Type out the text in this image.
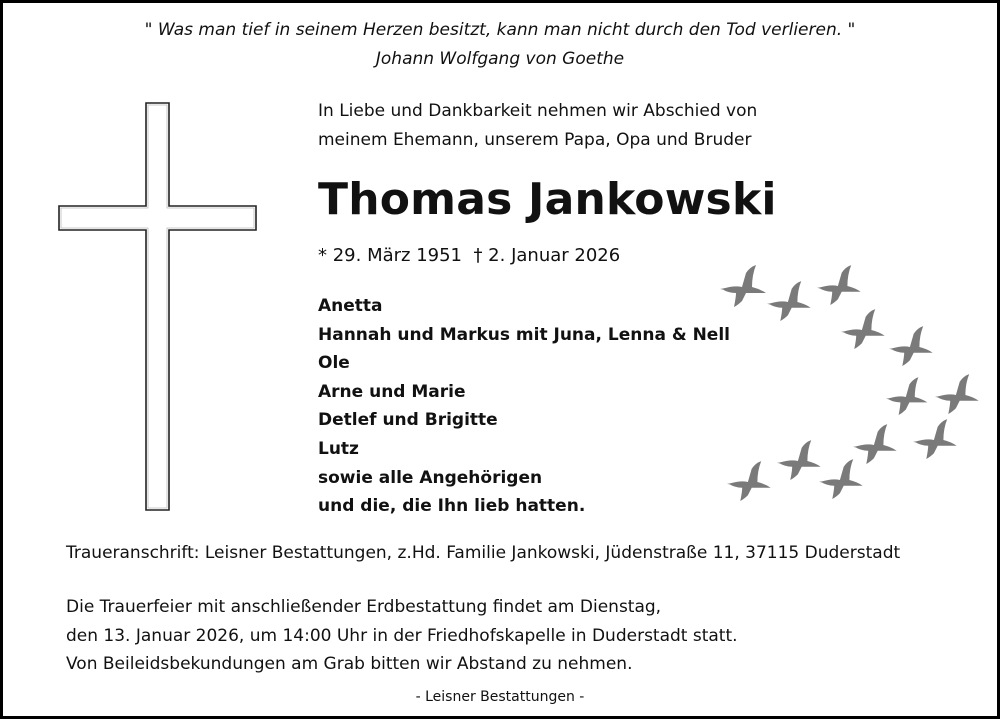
" Was man tief in seinem Herzen besitzt, kann man nicht durch den Tod verlieren. "
Johann Wolfgang von Goethe
In Liebe und Dankbarkeit nehmen wir Abschied von
meinem Ehemann, unserem Papa, Opa und Bruder
Thomas Jankowski
* 29. März 1951  † 2. Januar 2026
Anetta
Hannah und Markus mit Juna, Lenna & Nell
Ole
Arne und Marie
Detlef und Brigitte
Lutz
sowie alle Angehörigen
und die, die Ihn lieb hatten.
Traueranschrift: Leisner Bestattungen, z.Hd. Familie Jankowski, Jüdenstraße 11, 37115 Duderstadt
Die Trauerfeier mit anschließender Erdbestattung findet am Dienstag,
den 13. Januar 2026, um 14:00 Uhr in der Friedhofskapelle in Duderstadt statt.
Von Beileidsbekundungen am Grab bitten wir Abstand zu nehmen.
- Leisner Bestattungen -
